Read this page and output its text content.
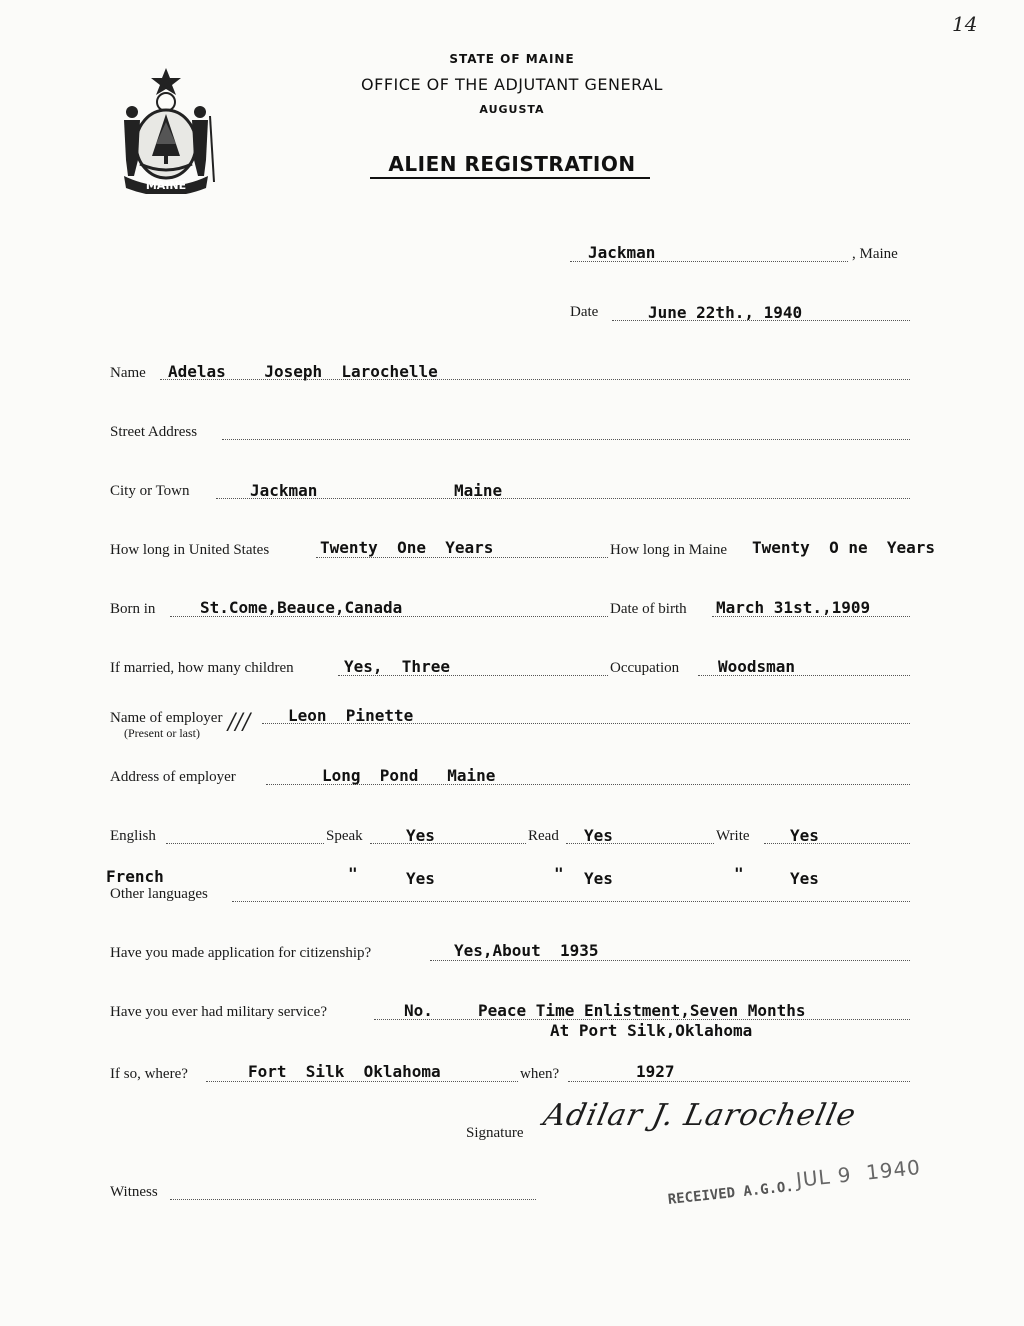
14
MAINE
STATE OF MAINE
OFFICE OF THE ADJUTANT GENERAL
AUGUSTA
ALIEN REGISTRATION
Jackman	, Maine
Date	June 22th., 1940
Name Adelas    Joseph  Larochelle
Street Address
City or Town	Jackman	Maine
How long in United States	Twenty  One  Years	How long in Maine Twenty  O ne  Years
Born in	St.Come,Beauce,Canada	Date of birth March 31st.,1909
If married, how many children	Yes,  Three	Occupation Woodsman
Name of employer
(Present or last) /// Leon  Pinette
Address of employer	Long  Pond   Maine
English	Speak	Yes	Read Yes	Write	Yes
French	"	Yes	" Yes	"	Yes
Other languages
Have you made application for citizenship?	Yes,About  1935
Have you ever had military service?	No.	Peace Time Enlistment,Seven Months
At Port Silk,Oklahoma
If so, where?	Fort  Silk  Oklahoma	when?	1927
Signature Adilar J. Larochelle
Witness	RECEIVED A.G.O.
JUL 9  1940
